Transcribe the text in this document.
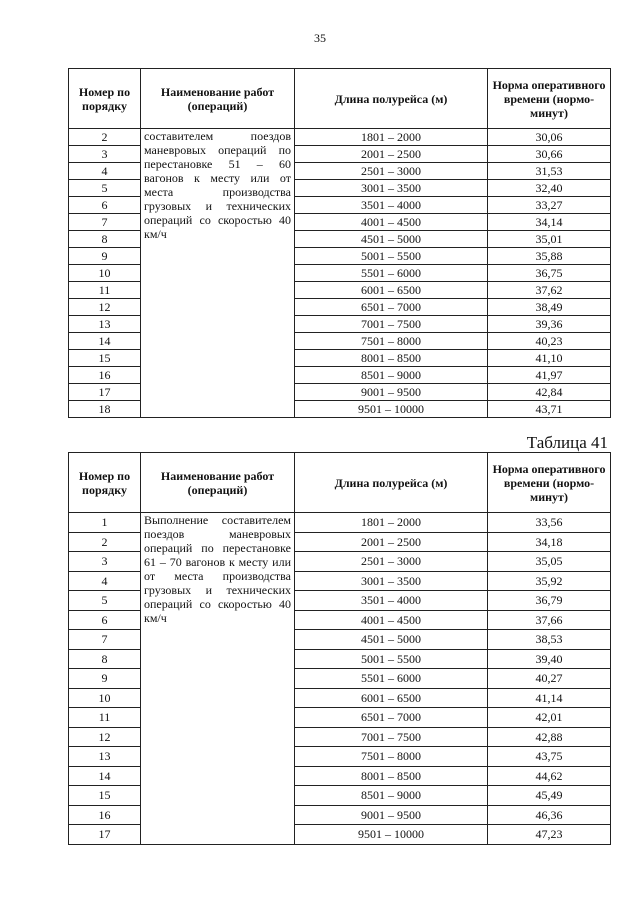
35
Номер по порядку	Наименование работ (операций)	Длина полурейса (м)	Норма оперативного времени (нормо-минут)
2	составителем поездов маневровых операций по перестановке 51 – 60 вагонов к месту или от места производства грузовых и технических операций со скоростью 40 км/ч	1801 – 2000	30,06
3		2001 – 2500	30,66
4		2501 – 3000	31,53
5		3001 – 3500	32,40
6		3501 – 4000	33,27
7		4001 – 4500	34,14
8		4501 – 5000	35,01
9		5001 – 5500	35,88
10		5501 – 6000	36,75
11		6001 – 6500	37,62
12		6501 – 7000	38,49
13		7001 – 7500	39,36
14		7501 – 8000	40,23
15		8001 – 8500	41,10
16		8501 – 9000	41,97
17		9001 – 9500	42,84
18		9501 – 10000	43,71
Таблица 41
Номер по порядку	Наименование работ (операций)	Длина полурейса (м)	Норма оперативного времени (нормо-минут)
1	Выполнение составителем поездов маневровых операций по перестановке 61 – 70 вагонов к месту или от места производства грузовых и технических операций со скоростью 40 км/ч	1801 – 2000	33,56
2		2001 – 2500	34,18
3		2501 – 3000	35,05
4		3001 – 3500	35,92
5		3501 – 4000	36,79
6		4001 – 4500	37,66
7		4501 – 5000	38,53
8		5001 – 5500	39,40
9		5501 – 6000	40,27
10		6001 – 6500	41,14
11		6501 – 7000	42,01
12		7001 – 7500	42,88
13		7501 – 8000	43,75
14		8001 – 8500	44,62
15		8501 – 9000	45,49
16		9001 – 9500	46,36
17		9501 – 10000	47,23
